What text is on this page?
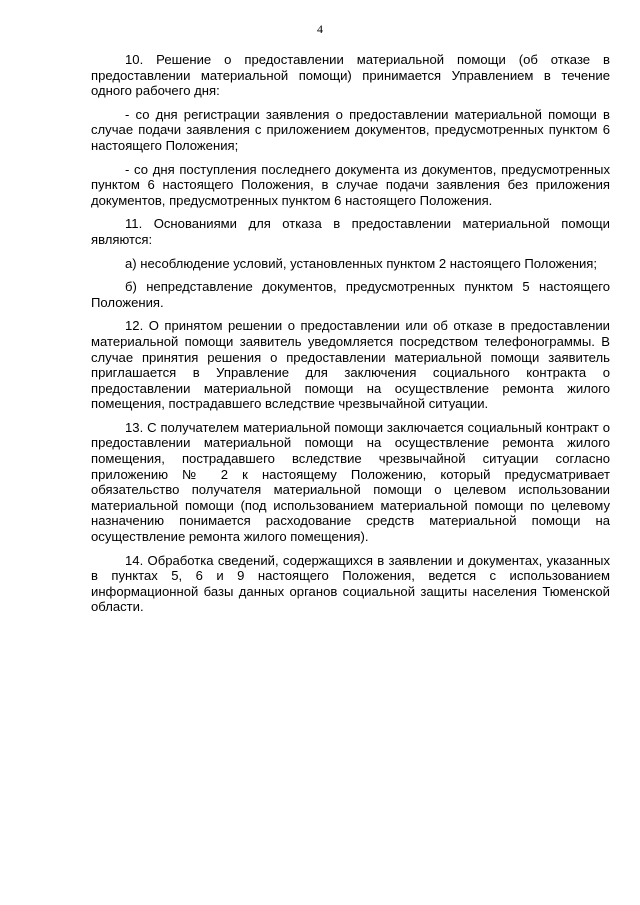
4

10. Решение о предоставлении материальной помощи (об отказе в предоставлении материальной помощи) принимается Управлением в течение одного рабочего дня:

- со дня регистрации заявления о предоставлении материальной помощи в случае подачи заявления с приложением документов, предусмотренных пунктом 6 настоящего Положения;

- со дня поступления последнего документа из документов, предусмотренных пунктом 6 настоящего Положения, в случае подачи заявления без приложения документов, предусмотренных пунктом 6 настоящего Положения.

11. Основаниями для отказа в предоставлении материальной помощи являются:

а) несоблюдение условий, установленных пунктом 2 настоящего Положения;

б) непредставление документов, предусмотренных пунктом 5 настоящего Положения.

12. О принятом решении о предоставлении или об отказе в предоставлении материальной помощи заявитель уведомляется посредством телефонограммы. В случае принятия решения о предоставлении материальной помощи заявитель приглашается в Управление для заключения социального контракта о предоставлении материальной помощи на осуществление ремонта жилого помещения, пострадавшего вследствие чрезвычайной ситуации.

13. С получателем материальной помощи заключается социальный контракт о предоставлении материальной помощи на осуществление ремонта жилого помещения, пострадавшего вследствие чрезвычайной ситуации согласно приложению № 2 к настоящему Положению, который предусматривает обязательство получателя материальной помощи о целевом использовании материальной помощи (под использованием материальной помощи по целевому назначению понимается расходование средств материальной помощи на осуществление ремонта жилого помещения).

14. Обработка сведений, содержащихся в заявлении и документах, указанных в пунктах 5, 6 и 9 настоящего Положения, ведется с использованием информационной базы данных органов социальной защиты населения Тюменской области.
